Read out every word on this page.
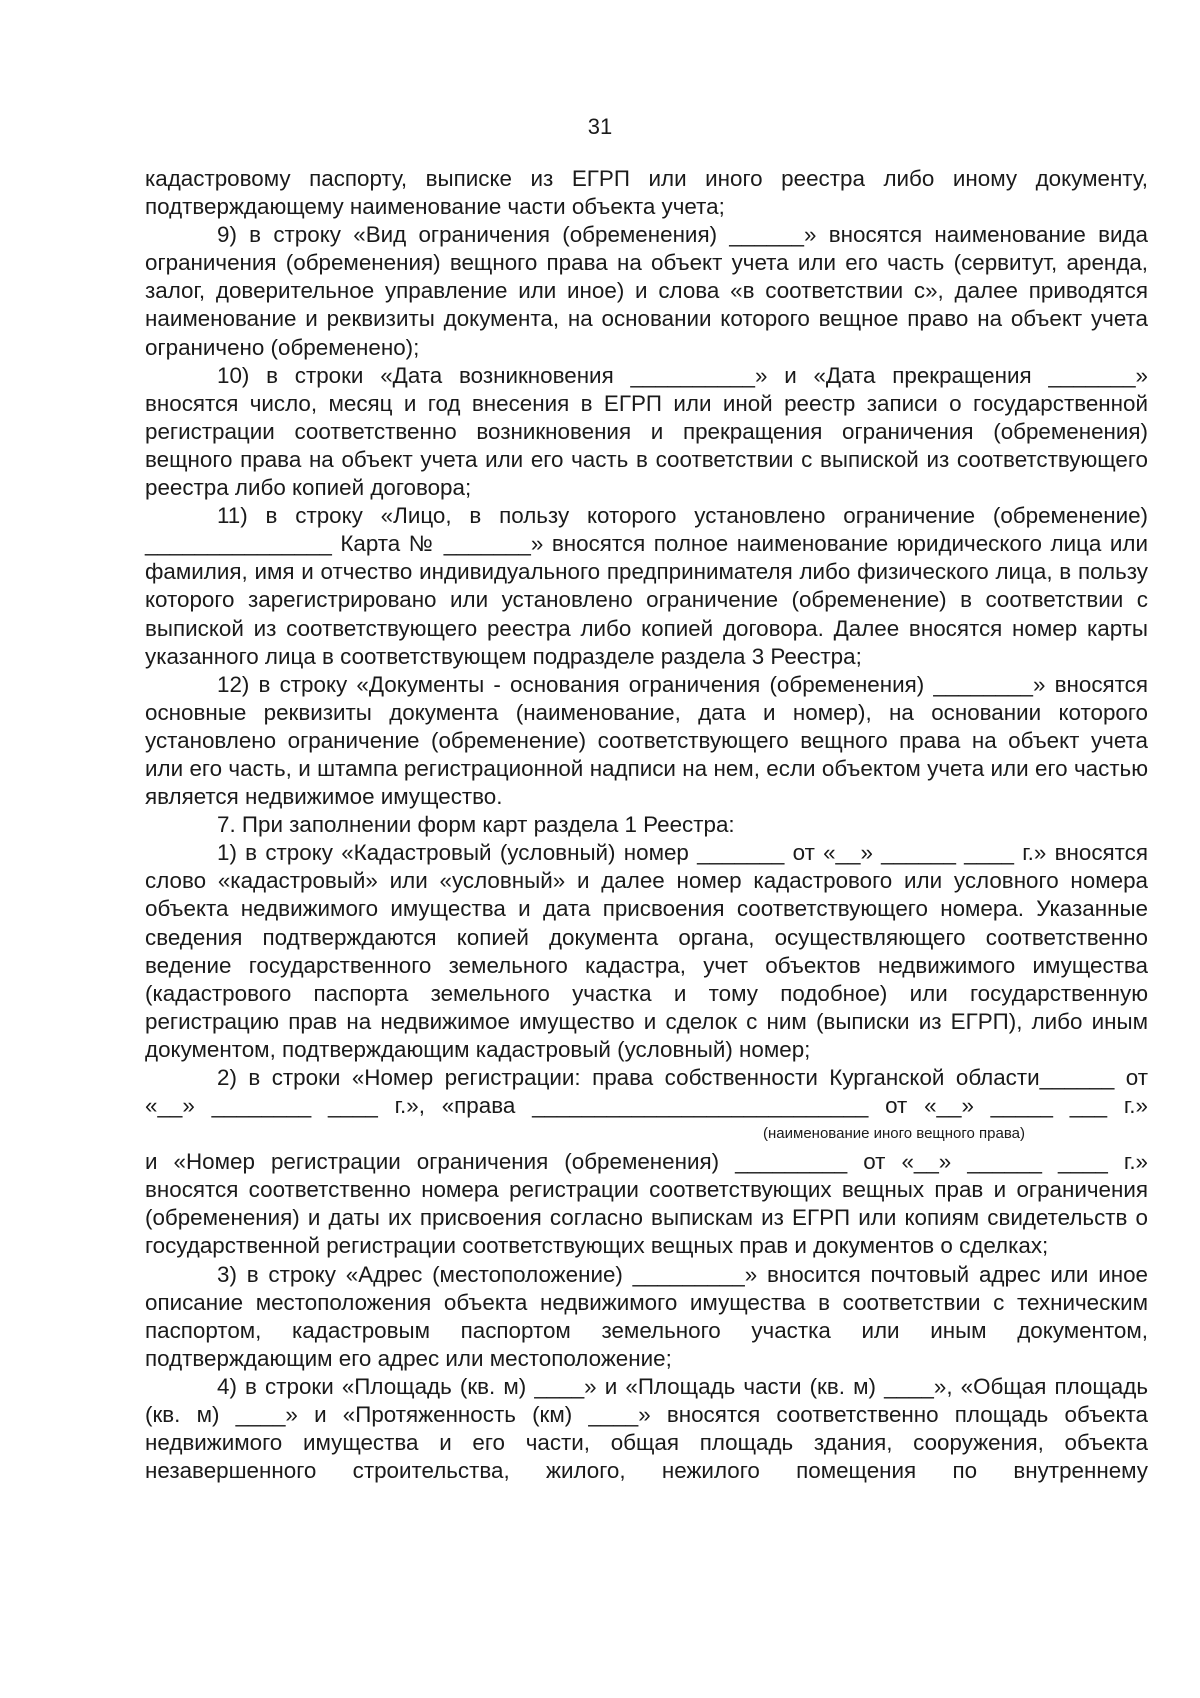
31

кадастровому паспорту, выписке из ЕГРП или иного реестра либо иному документу, подтверждающему наименование части объекта учета;

9) в строку «Вид ограничения (обременения) ______» вносятся наименование вида ограничения (обременения) вещного права на объект учета или его часть (сервитут, аренда, залог, доверительное управление или иное) и слова «в соответствии с», далее приводятся наименование и реквизиты документа, на основании которого вещное право на объект учета ограничено (обременено);

10) в строки «Дата возникновения __________» и «Дата прекращения _______» вносятся число, месяц и год внесения в ЕГРП или иной реестр записи о государственной регистрации соответственно возникновения и прекращения ограничения (обременения) вещного права на объект учета или его часть в соответствии с выпиской из соответствующего реестра либо копией договора;

11) в строку «Лицо, в пользу которого установлено ограничение (обременение) _______________ Карта № _______» вносятся полное наименование юридического лица или фамилия, имя и отчество индивидуального предпринимателя либо физического лица, в пользу которого зарегистрировано или установлено ограничение (обременение) в соответствии с выпиской из соответствующего реестра либо копией договора. Далее вносятся номер карты указанного лица в соответствующем подразделе раздела 3 Реестра;

12) в строку «Документы - основания ограничения (обременения) ________» вносятся основные реквизиты документа (наименование, дата и номер), на основании которого установлено ограничение (обременение) соответствующего вещного права на объект учета или его часть, и штампа регистрационной надписи на нем, если объектом учета или его частью является недвижимое имущество.

7. При заполнении форм карт раздела 1 Реестра:

1) в строку «Кадастровый (условный) номер _______ от «__» ______ ____ г.» вносятся слово «кадастровый» или «условный» и далее номер кадастрового или условного номера объекта недвижимого имущества и дата присвоения соответствующего номера. Указанные сведения подтверждаются копией документа органа, осуществляющего соответственно ведение государственного земельного кадастра, учет объектов недвижимого имущества (кадастрового паспорта земельного участка и тому подобное) или государственную регистрацию прав на недвижимое имущество и сделок с ним (выписки из ЕГРП), либо иным документом, подтверждающим кадастровый (условный) номер;

2) в строки «Номер регистрации: права собственности Курганской области______ от «__» ________ ____ г.», «права ___________________________ от «__» _____ ___ г.»

(наименование иного вещного права)

и «Номер регистрации ограничения (обременения) _________ от «__» ______ ____ г.» вносятся соответственно номера регистрации соответствующих вещных прав и ограничения (обременения) и даты их присвоения согласно выпискам из ЕГРП или копиям свидетельств о государственной регистрации соответствующих вещных прав и документов о сделках;

3) в строку «Адрес (местоположение) _________» вносится почтовый адрес или иное описание местоположения объекта недвижимого имущества в соответствии с техническим паспортом, кадастровым паспортом земельного участка или иным документом, подтверждающим его адрес или местоположение;

4) в строки «Площадь (кв. м) ____» и «Площадь части (кв. м) ____», «Общая площадь (кв. м) ____» и «Протяженность (км) ____» вносятся соответственно площадь объекта недвижимого имущества и его части, общая площадь здания, сооружения, объекта незавершенного строительства, жилого, нежилого помещения по внутреннему
